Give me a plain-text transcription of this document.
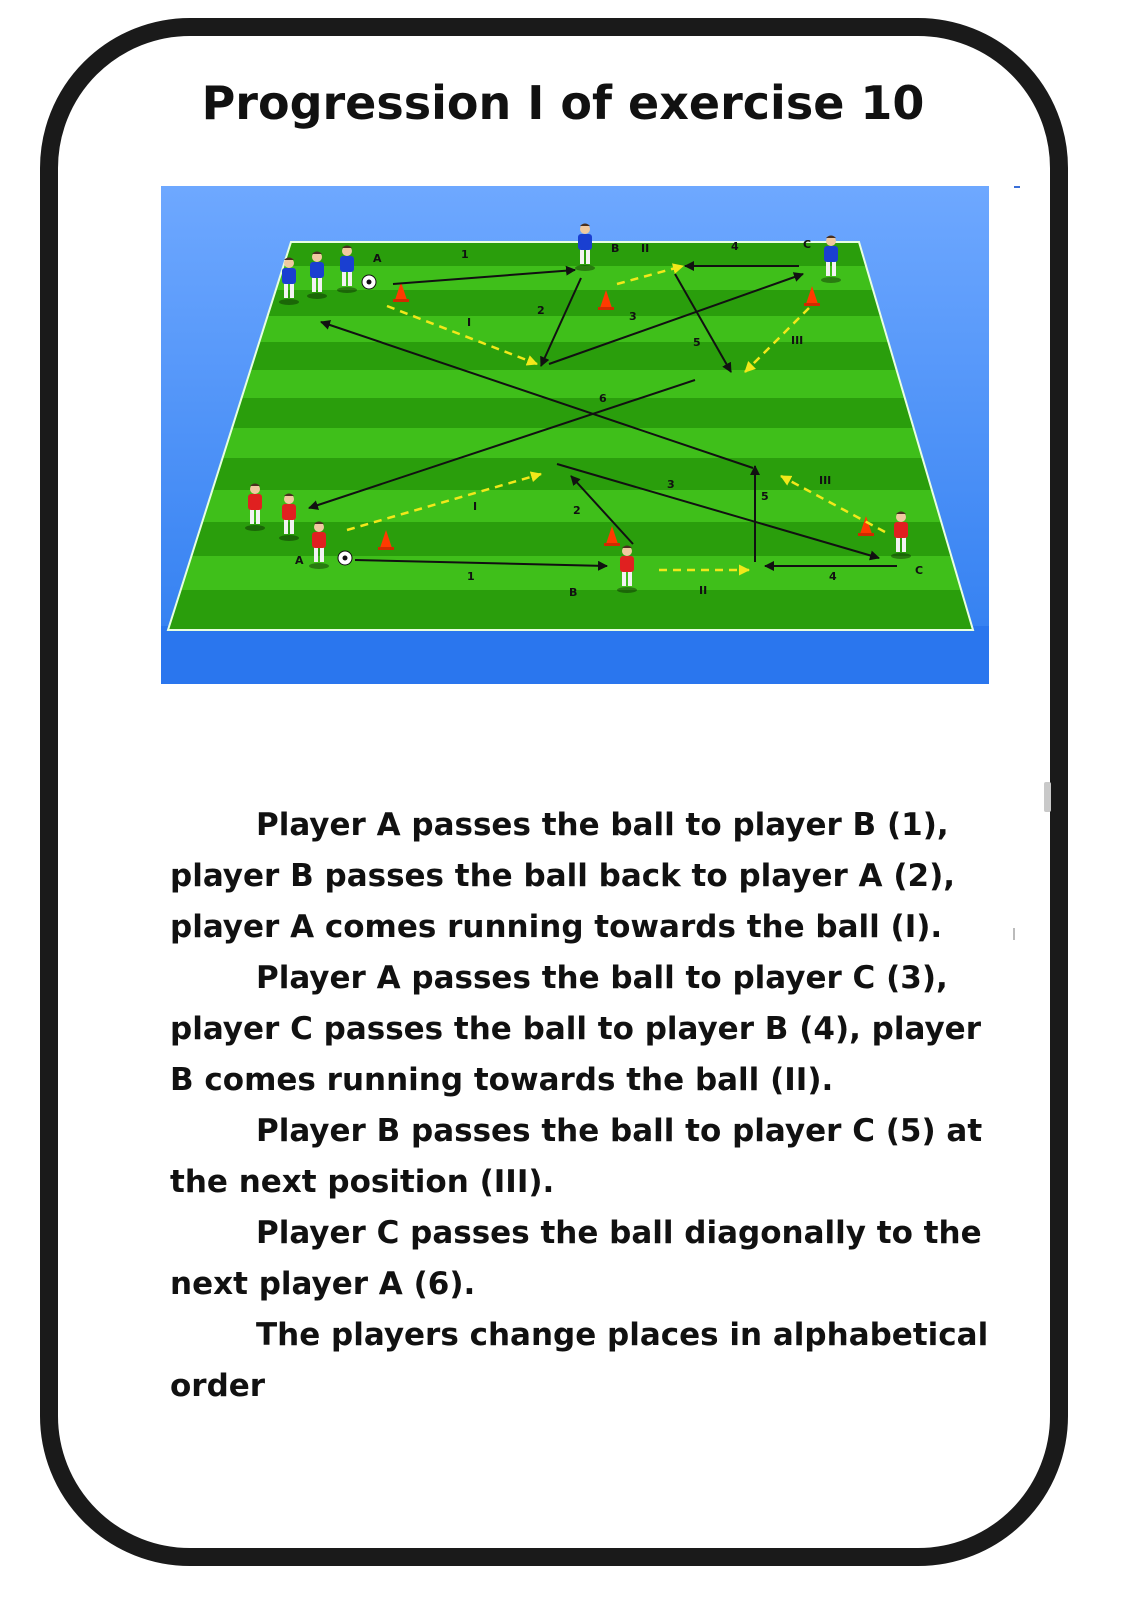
Progression I of exercise 10
A	1	B II	4	C
2	3
I
5	III
6
3	III
5
I	2
A
1	4	C
B	II

Player A passes the ball to player B (1), player B passes the ball back to player A (2), player A comes running towards the ball (I).

Player A passes the ball to player C (3), player C passes the ball to player B (4), player B comes running towards the ball (II).

Player B passes the ball to player C (5) at the next position (III).

Player C passes the ball diagonally to the next player A (6).

The players change places in alphabetical order
